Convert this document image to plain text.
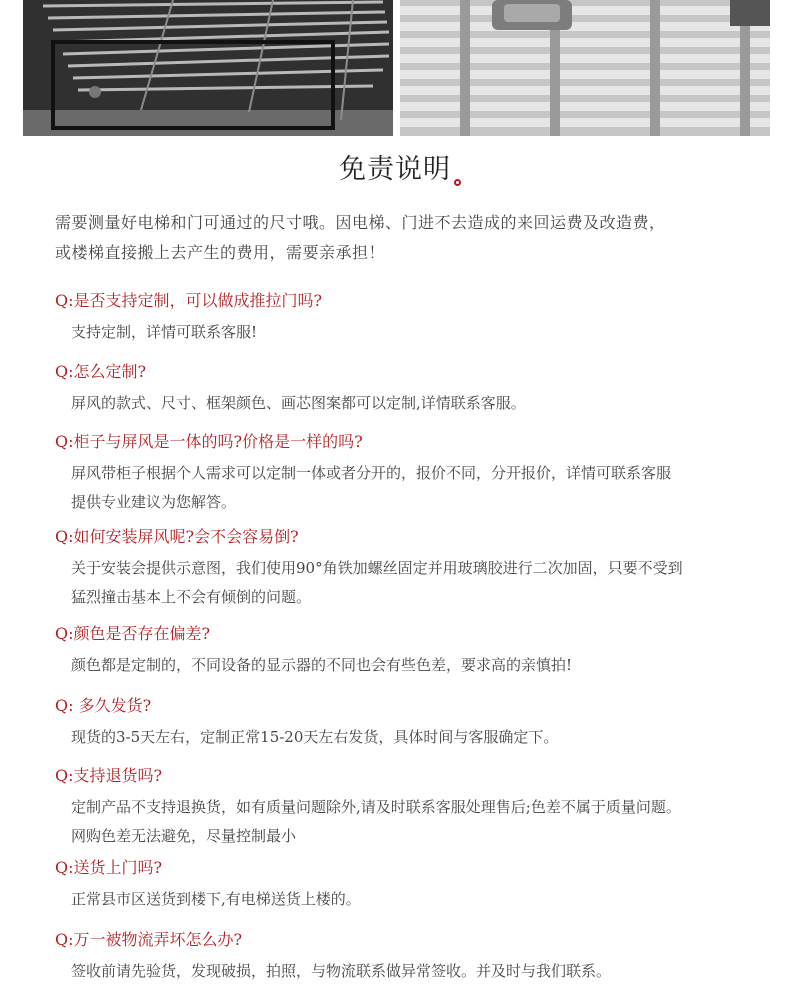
免责说明

需要测量好电梯和门可通过的尺寸哦。因电梯、门进不去造成的来回运费及改造费，

或楼梯直接搬上去产生的费用，需要亲承担！

Q:是否支持定制，可以做成推拉门吗?

支持定制，详情可联系客服!

Q:怎么定制?

屏风的款式、尺寸、框架颜色、画芯图案都可以定制,详情联系客服。

Q:柜子与屏风是一体的吗?价格是一样的吗?

屏风带柜子根据个人需求可以定制一体或者分开的，报价不同，分开报价，详情可联系客服

提供专业建议为您解答。

Q:如何安装屏风呢?会不会容易倒?

关于安装会提供示意图，我们使用90°角铁加螺丝固定并用玻璃胶进行二次加固，只要不受到

猛烈撞击基本上不会有倾倒的问题。

Q:颜色是否存在偏差?

颜色都是定制的，不同设备的显示器的不同也会有些色差，要求高的亲慎拍!

Q: 多久发货?

现货的3-5天左右，定制正常15-20天左右发货，具体时间与客服确定下。

Q:支持退货吗?

定制产品不支持退换货，如有质量问题除外,请及时联系客服处理售后;色差不属于质量问题。

网购色差无法避免，尽量控制最小

Q:送货上门吗?

正常县市区送货到楼下,有电梯送货上楼的。

Q:万一被物流弄坏怎么办?

签收前请先验货，发现破损，拍照，与物流联系做异常签收。并及时与我们联系。
